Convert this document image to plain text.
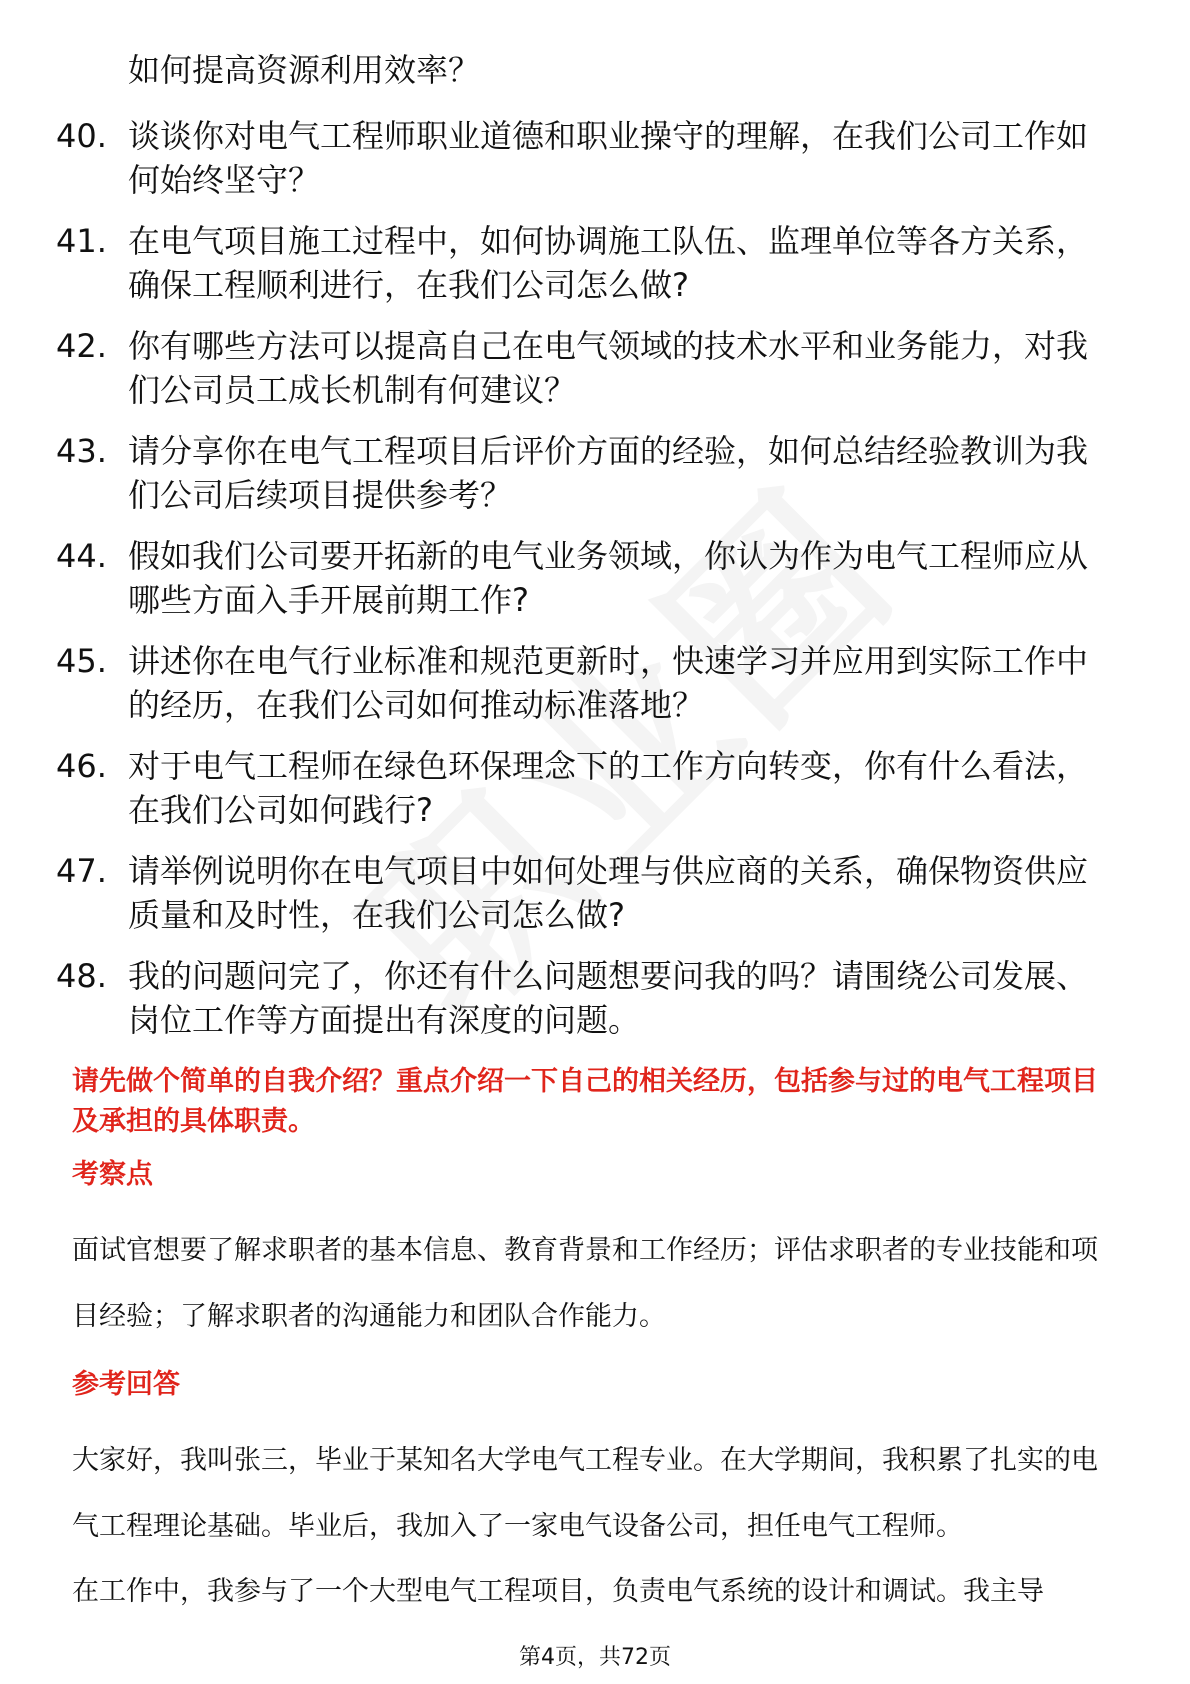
如何提高资源利用效率？
40. 谈谈你对电气工程师职业道德和职业操守的理解，在我们公司工作如何始终坚守？
41. 在电气项目施工过程中，如何协调施工队伍、监理单位等各方关系，确保工程顺利进行，在我们公司怎么做?
42. 你有哪些方法可以提高自己在电气领域的技术水平和业务能力，对我们公司员工成长机制有何建议？
43. 请分享你在电气工程项目后评价方面的经验，如何总结经验教训为我们公司后续项目提供参考？
44. 假如我们公司要开拓新的电气业务领域，你认为作为电气工程师应从哪些方面入手开展前期工作?
45. 讲述你在电气行业标准和规范更新时，快速学习并应用到实际工作中的经历，在我们公司如何推动标准落地？
46. 对于电气工程师在绿色环保理念下的工作方向转变，你有什么看法，在我们公司如何践行?
47. 请举例说明你在电气项目中如何处理与供应商的关系，确保物资供应质量和及时性，在我们公司怎么做?
48. 我的问题问完了，你还有什么问题想要问我的吗？请围绕公司发展、岗位工作等方面提出有深度的问题。
请先做个简单的自我介绍？重点介绍一下自己的相关经历，包括参与过的电气工程项目及承担的具体职责。
考察点
面试官想要了解求职者的基本信息、教育背景和工作经历；评估求职者的专业技能和项目经验；了解求职者的沟通能力和团队合作能力。
参考回答
大家好，我叫张三，毕业于某知名大学电气工程专业。在大学期间，我积累了扎实的电气工程理论基础。毕业后，我加入了一家电气设备公司，担任电气工程师。
在工作中，我参与了一个大型电气工程项目，负责电气系统的设计和调试。我主导
第4页，共72页
